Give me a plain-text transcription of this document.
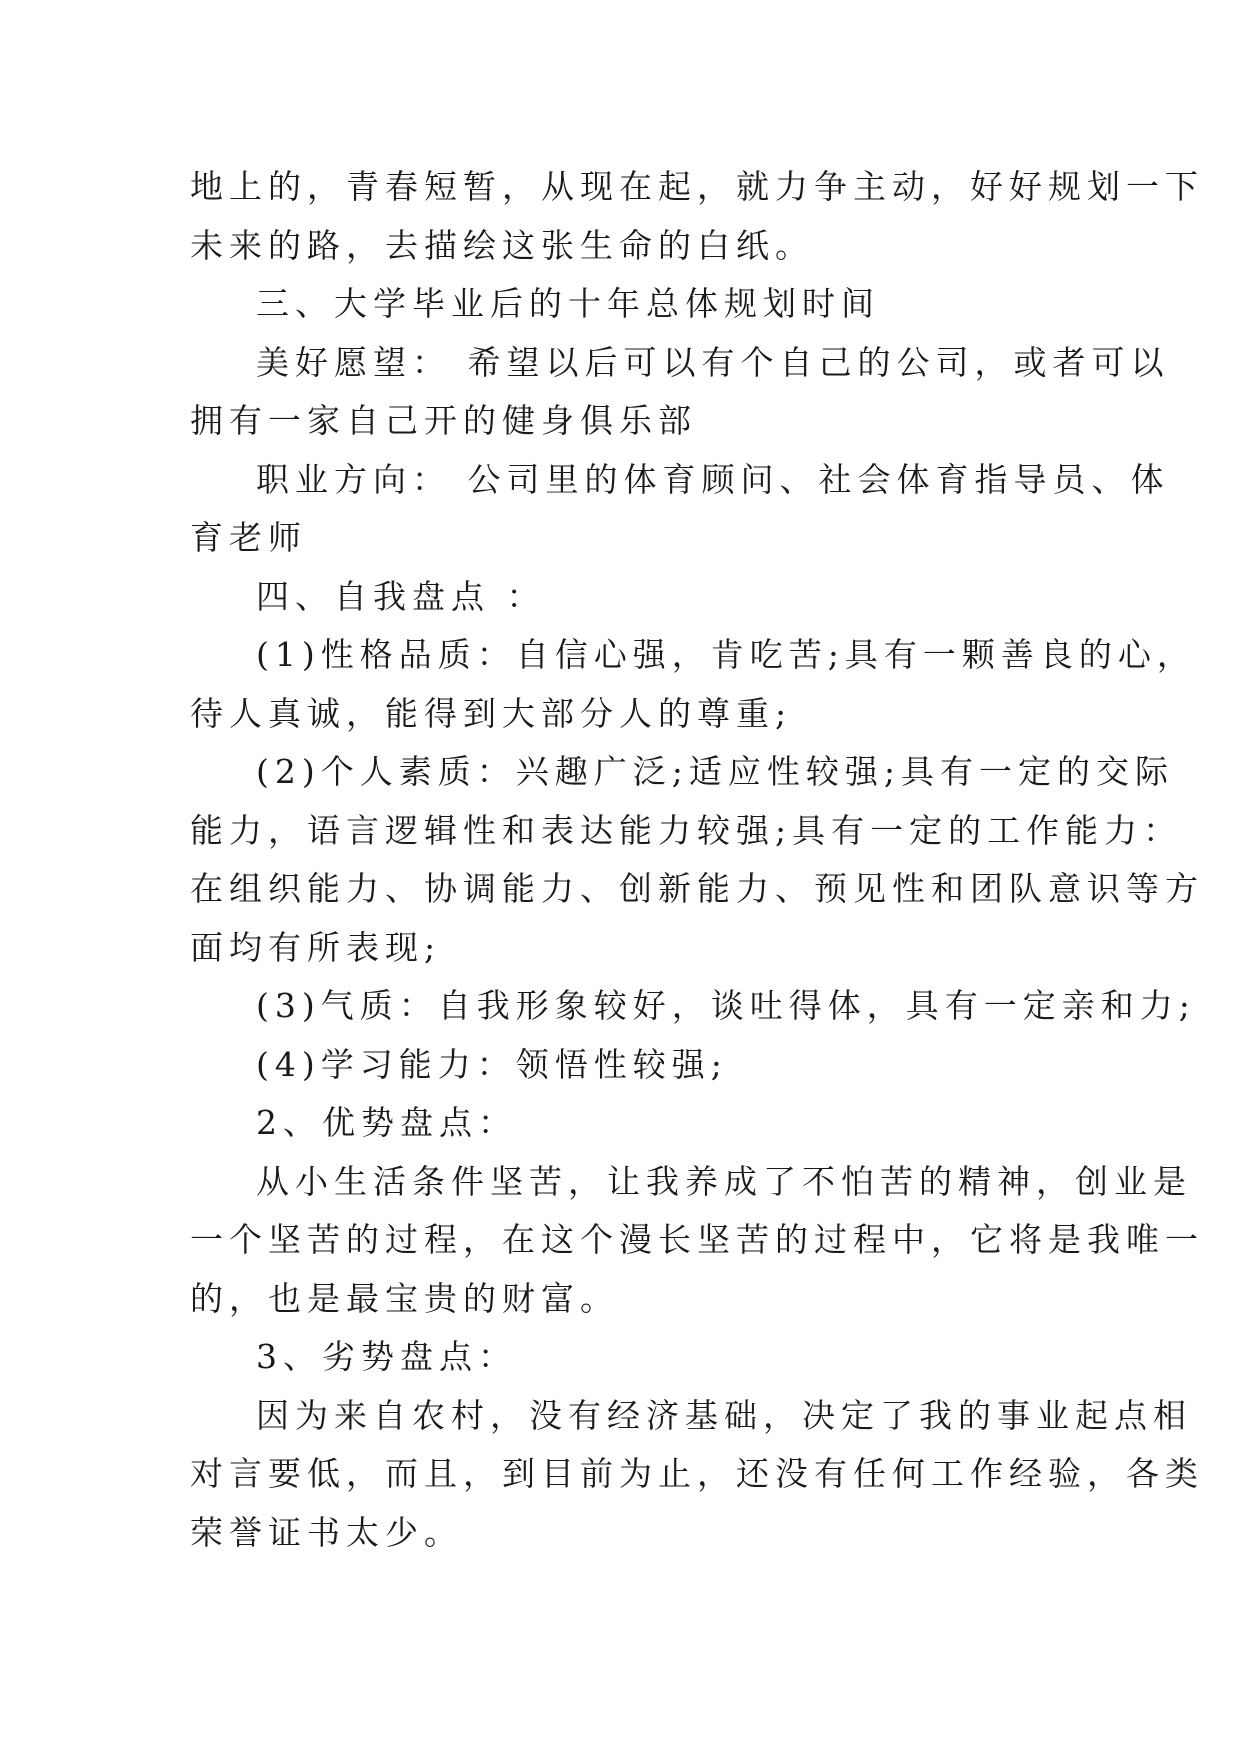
地上的，青春短暂，从现在起，就力争主动，好好规划一下
未来的路，去描绘这张生命的白纸。
三、大学毕业后的十年总体规划时间
美好愿望： 希望以后可以有个自己的公司，或者可以
拥有一家自己开的健身俱乐部
职业方向： 公司里的体育顾问、社会体育指导员、体
育老师
四、自我盘点 ：
(1)性格品质：自信心强，肯吃苦;具有一颗善良的心，
待人真诚，能得到大部分人的尊重;
(2)个人素质：兴趣广泛;适应性较强;具有一定的交际
能力，语言逻辑性和表达能力较强;具有一定的工作能力：
在组织能力、协调能力、创新能力、预见性和团队意识等方
面均有所表现;
(3)气质：自我形象较好，谈吐得体，具有一定亲和力;
(4)学习能力：领悟性较强;
2、优势盘点：
从小生活条件坚苦，让我养成了不怕苦的精神，创业是
一个坚苦的过程，在这个漫长坚苦的过程中，它将是我唯一
的，也是最宝贵的财富。
3、劣势盘点：
因为来自农村，没有经济基础，决定了我的事业起点相
对言要低，而且，到目前为止，还没有任何工作经验，各类
荣誉证书太少。
